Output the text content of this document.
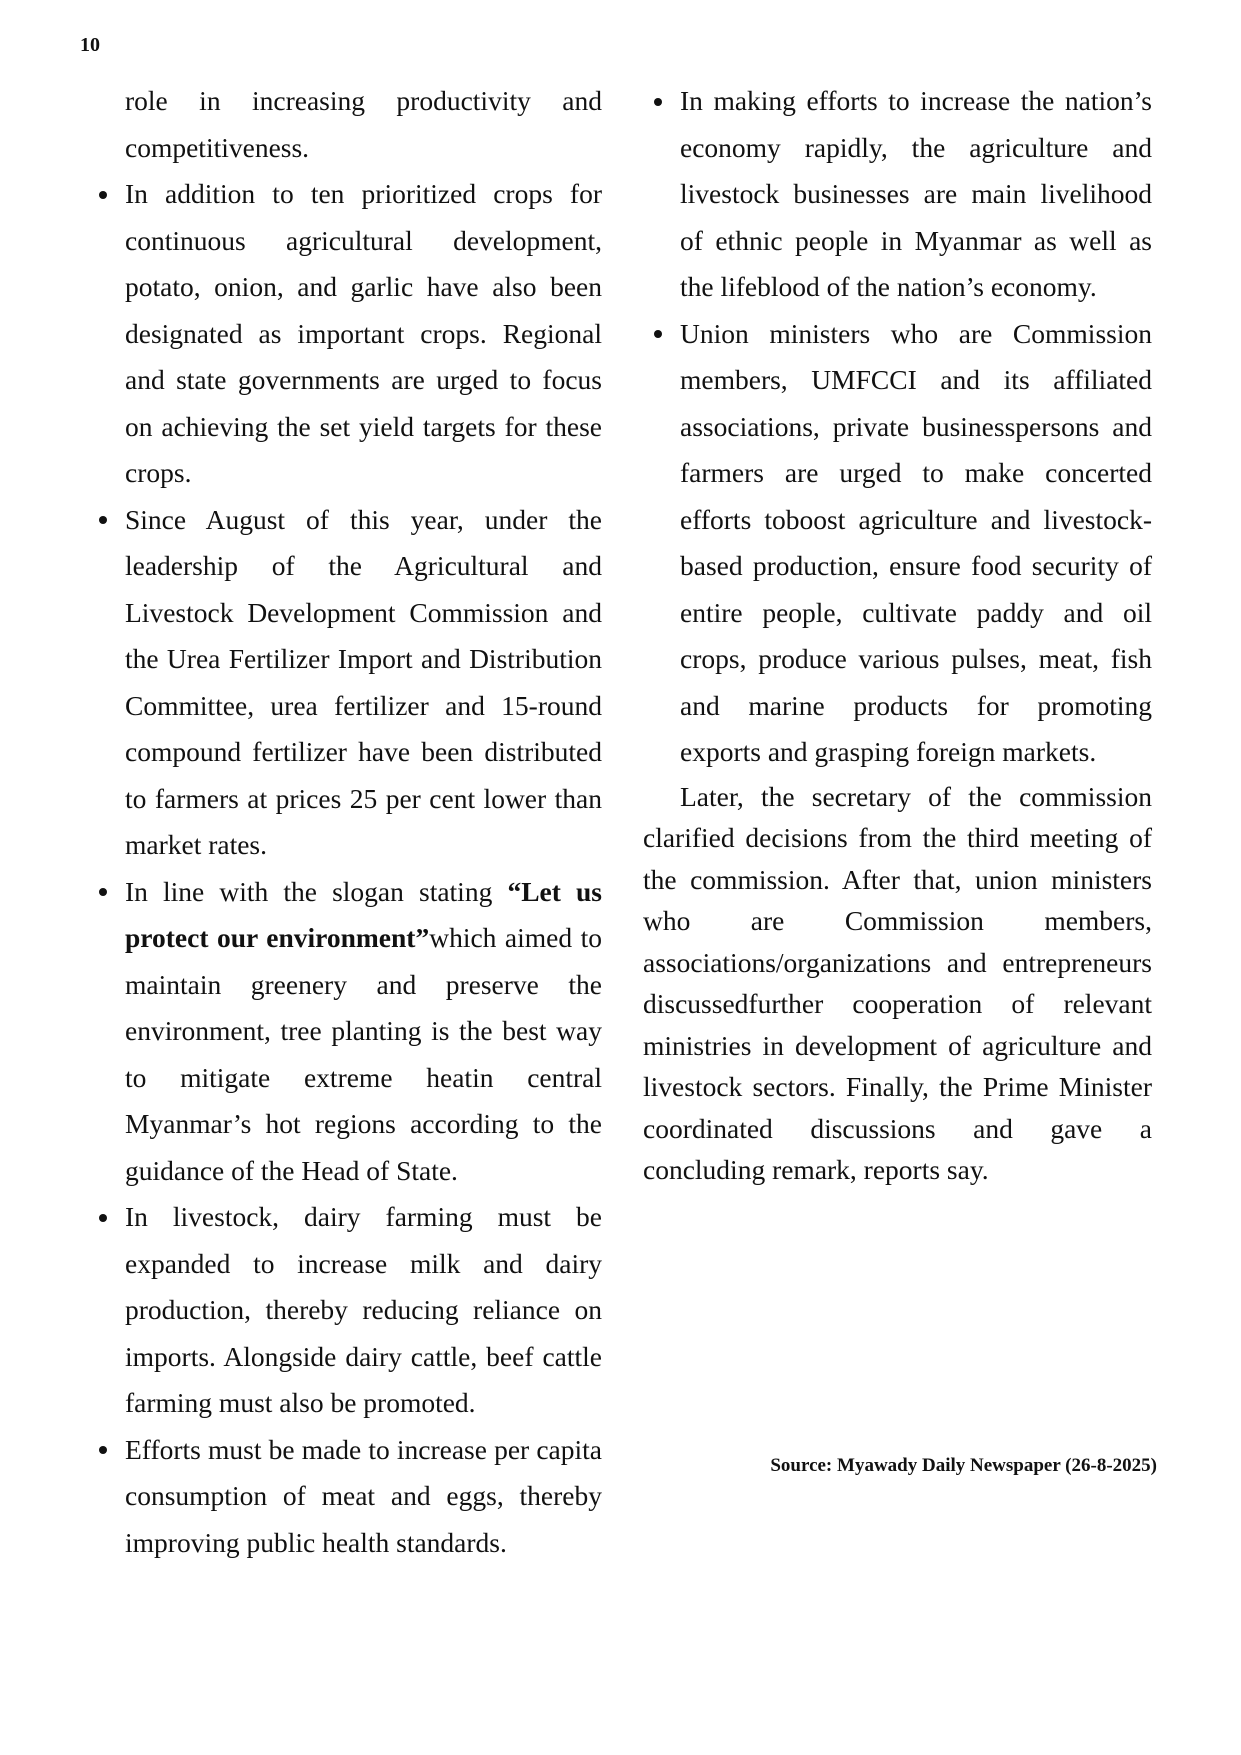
10

role in increasing productivity and competitiveness.

In addition to ten prioritized crops for continuous agricultural development, potato, onion, and garlic have also been designated as important crops. Regional and state governments are urged to focus on achieving the set yield targets for these crops.
Since August of this year, under the leadership of the Agricultural and Livestock Development Commission and the Urea Fertilizer Import and Distribution Committee, urea fertilizer and 15-round compound fertilizer have been distributed to farmers at prices 25 per cent lower than market rates.
In line with the slogan stating “Let us protect our environment”which aimed to maintain greenery and preserve the environment, tree planting is the best way to mitigate extreme heatin central Myanmar’s hot regions according to the guidance of the Head of State.
In livestock, dairy farming must be expanded to increase milk and dairy production, thereby reducing reliance on imports. Alongside dairy cattle, beef cattle farming must also be promoted.
Efforts must be made to increase per capita consumption of meat and eggs, thereby improving public health standards.
In making efforts to increase the nation’s economy rapidly, the agriculture and livestock businesses are main livelihood of ethnic people in Myanmar as well as the lifeblood of the nation’s economy.
Union ministers who are Commission members, UMFCCI and its affiliated associations, private businesspersons and farmers are urged to make concerted efforts toboost agriculture and livestock-based production, ensure food security of entire people, cultivate paddy and oil crops, produce various pulses, meat, fish and marine products for promoting exports and grasping foreign markets.

Later, the secretary of the commission clarified decisions from the third meeting of the commission. After that, union ministers who are Commission members, associations/organizations and entrepreneurs discussedfurther cooperation of relevant ministries in development of agriculture and livestock sectors. Finally, the Prime Minister coordinated discussions and gave a concluding remark, reports say.

Source: Myawady Daily Newspaper (26-8-2025)
